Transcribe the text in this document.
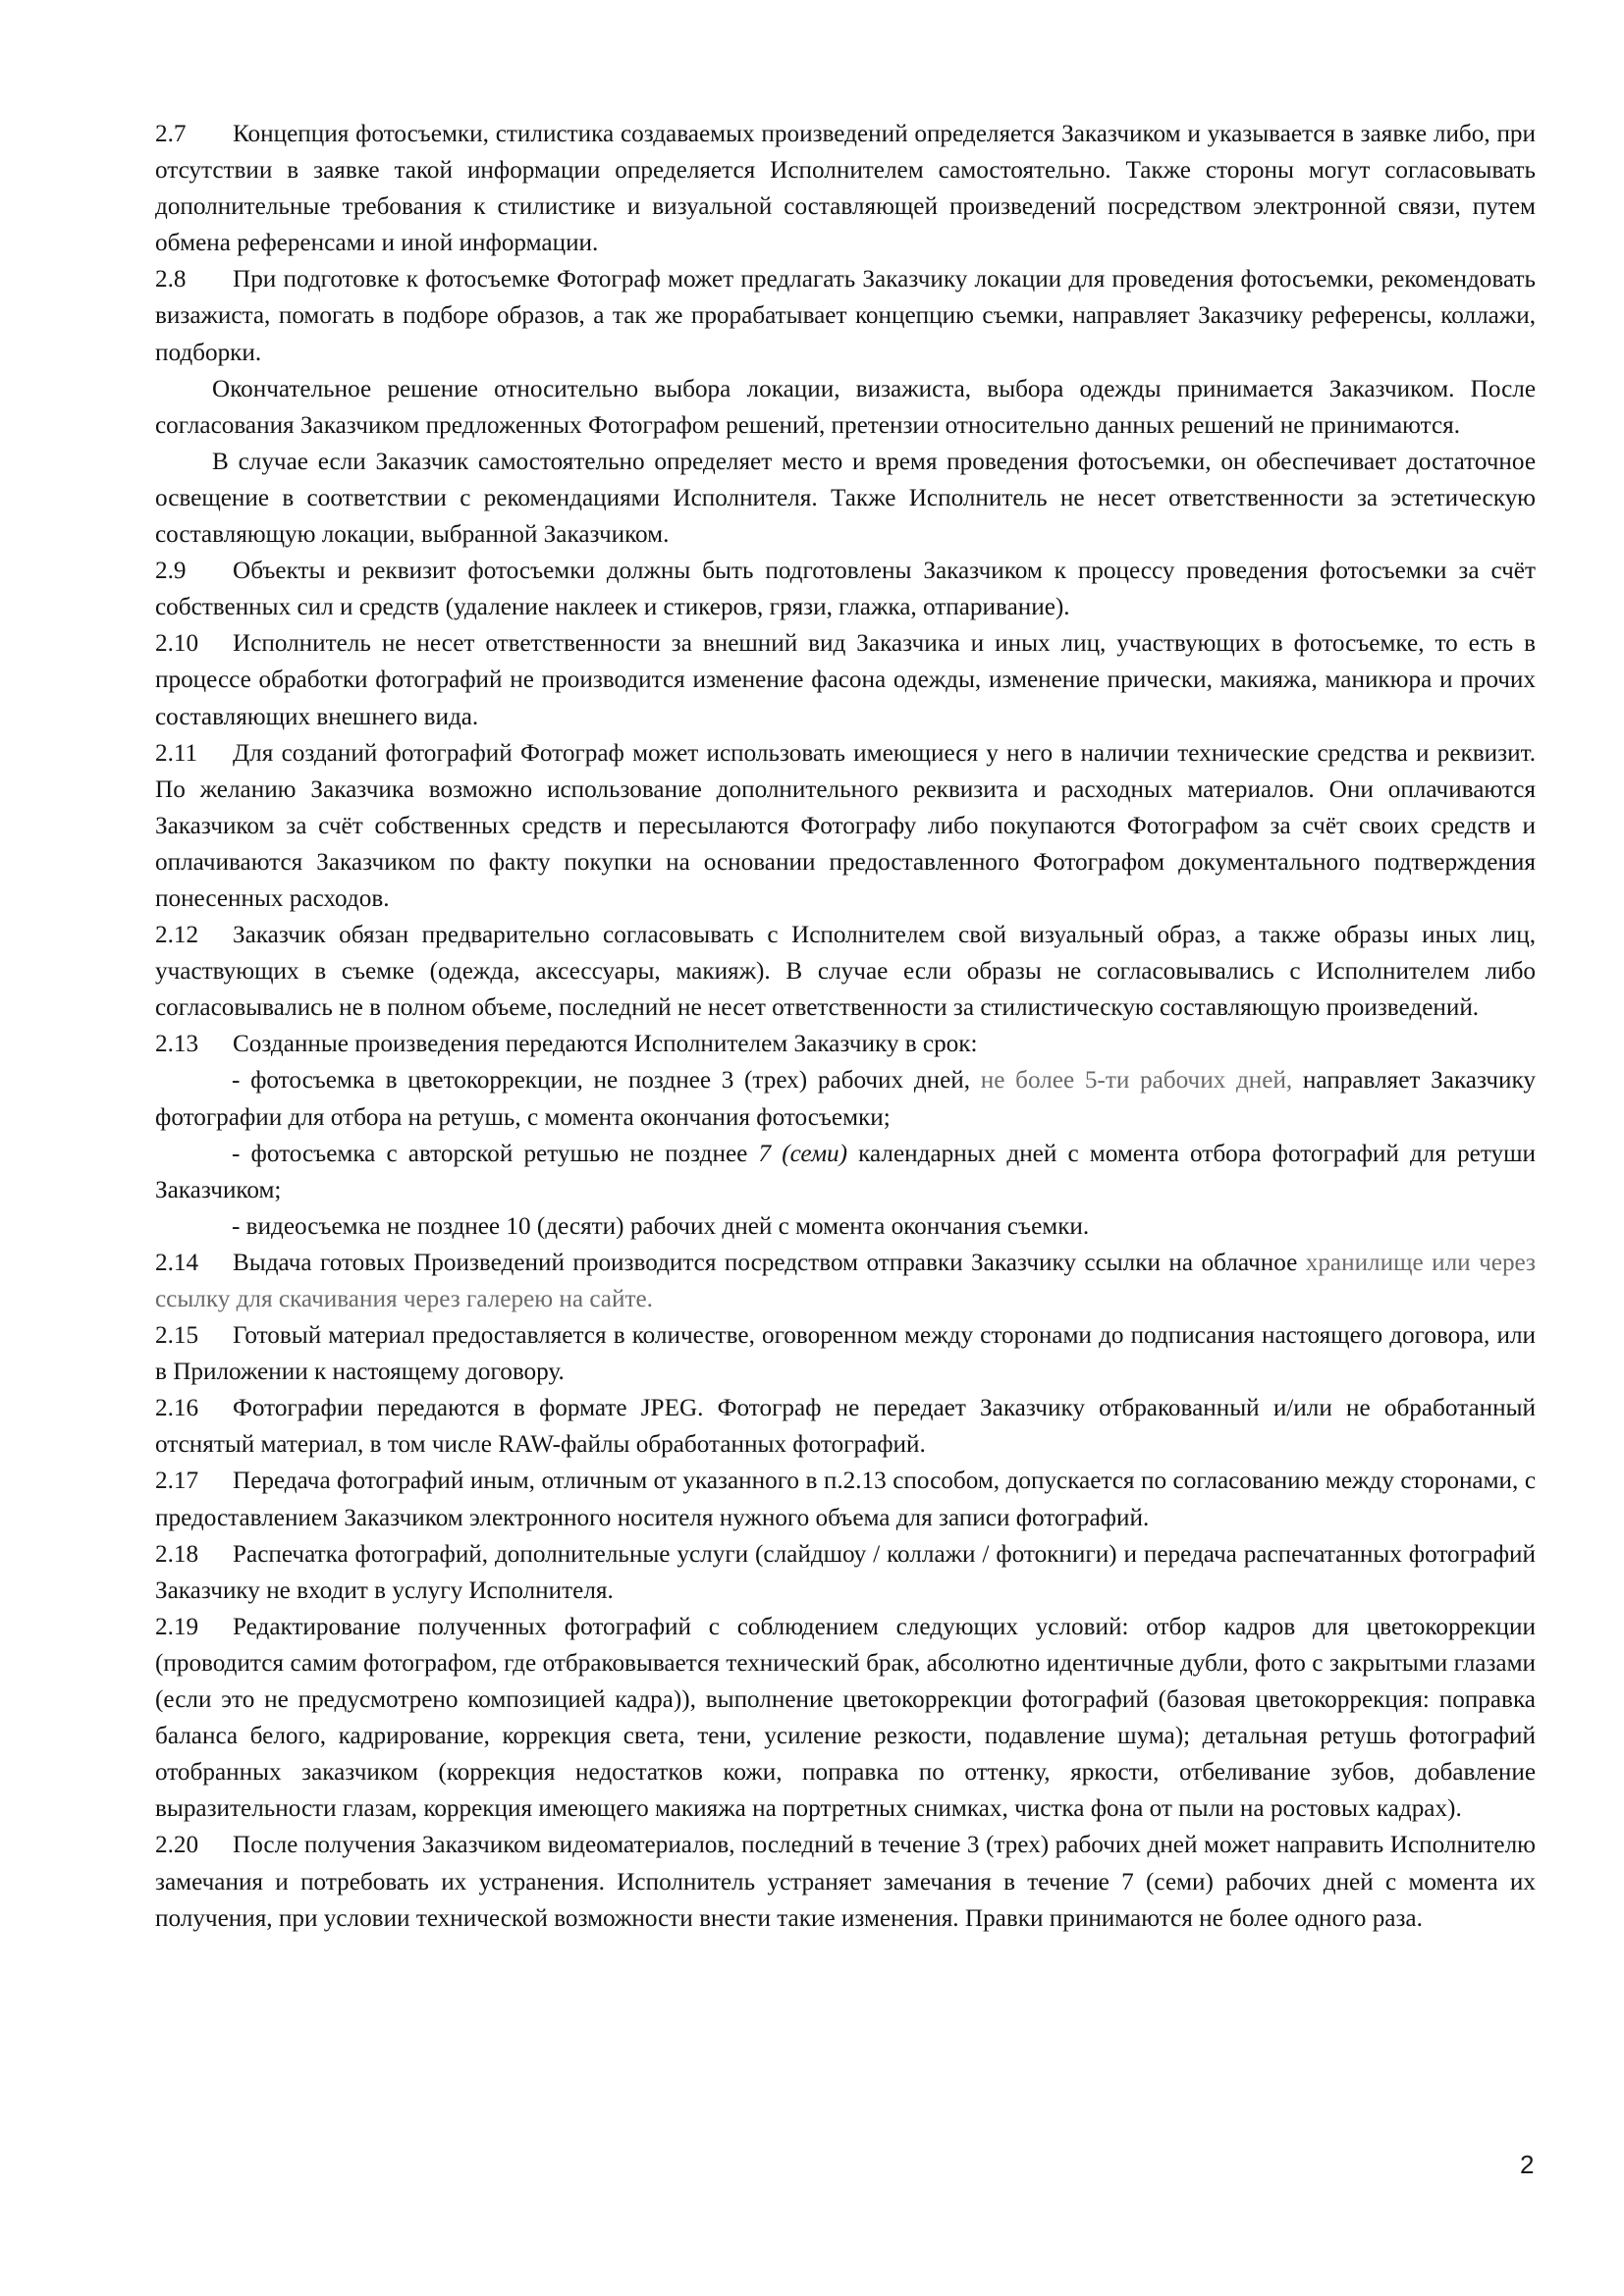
2.7 Концепция фотосъемки, стилистика создаваемых произведений определяется Заказчиком и указывается в заявке либо, при отсутствии в заявке такой информации определяется Исполнителем самостоятельно. Также стороны могут согласовывать дополнительные требования к стилистике и визуальной составляющей произведений посредством электронной связи, путем обмена референсами и иной информации.

2.8 При подготовке к фотосъемке Фотограф может предлагать Заказчику локации для проведения фотосъемки, рекомендовать визажиста, помогать в подборе образов, а так же прорабатывает концепцию съемки, направляет Заказчику референсы, коллажи, подборки.

Окончательное решение относительно выбора локации, визажиста, выбора одежды принимается Заказчиком. После согласования Заказчиком предложенных Фотографом решений, претензии относительно данных решений не принимаются.

В случае если Заказчик самостоятельно определяет место и время проведения фотосъемки, он обеспечивает достаточное освещение в соответствии с рекомендациями Исполнителя. Также Исполнитель не несет ответственности за эстетическую составляющую локации, выбранной Заказчиком.

2.9 Объекты и реквизит фотосъемки должны быть подготовлены Заказчиком к процессу проведения фотосъемки за счёт собственных сил и средств (удаление наклеек и стикеров, грязи, глажка, отпаривание).

2.10 Исполнитель не несет ответственности за внешний вид Заказчика и иных лиц, участвующих в фотосъемке, то есть в процессе обработки фотографий не производится изменение фасона одежды, изменение прически, макияжа, маникюра и прочих составляющих внешнего вида.

2.11 Для созданий фотографий Фотограф может использовать имеющиеся у него в наличии технические средства и реквизит. По желанию Заказчика возможно использование дополнительного реквизита и расходных материалов. Они оплачиваются Заказчиком за счёт собственных средств и пересылаются Фотографу либо покупаются Фотографом за счёт своих средств и оплачиваются Заказчиком по факту покупки на основании предоставленного Фотографом документального подтверждения понесенных расходов.

2.12 Заказчик обязан предварительно согласовывать с Исполнителем свой визуальный образ, а также образы иных лиц, участвующих в съемке (одежда, аксессуары, макияж). В случае если образы не согласовывались с Исполнителем либо согласовывались не в полном объеме, последний не несет ответственности за стилистическую составляющую произведений.

2.13 Созданные произведения передаются Исполнителем Заказчику в срок:

- фотосъемка в цветокоррекции, не позднее 3 (трех) рабочих дней, не более 5-ти рабочих дней, направляет Заказчику фотографии для отбора на ретушь, с момента окончания фотосъемки;

- фотосъемка с авторской ретушью не позднее 7 (семи) календарных дней с момента отбора фотографий для ретуши Заказчиком;

- видеосъемка не позднее 10 (десяти) рабочих дней с момента окончания съемки.

2.14 Выдача готовых Произведений производится посредством отправки Заказчику ссылки на облачное хранилище или через ссылку для скачивания через галерею на сайте.

2.15 Готовый материал предоставляется в количестве, оговоренном между сторонами до подписания настоящего договора, или в Приложении к настоящему договору.

2.16 Фотографии передаются в формате JPEG. Фотограф не передает Заказчику отбракованный и/или не обработанный отснятый материал, в том числе RAW-файлы обработанных фотографий.

2.17 Передача фотографий иным, отличным от указанного в п.2.13 способом, допускается по согласованию между сторонами, с предоставлением Заказчиком электронного носителя нужного объема для записи фотографий.

2.18 Распечатка фотографий, дополнительные услуги (слайдшоу / коллажи / фотокниги) и передача распечатанных фотографий Заказчику не входит в услугу Исполнителя.

2.19 Редактирование полученных фотографий с соблюдением следующих условий: отбор кадров для цветокоррекции (проводится самим фотографом, где отбраковывается технический брак, абсолютно идентичные дубли, фото с закрытыми глазами (если это не предусмотрено композицией кадра)), выполнение цветокоррекции фотографий (базовая цветокоррекция: поправка баланса белого, кадрирование, коррекция света, тени, усиление резкости, подавление шума); детальная ретушь фотографий отобранных заказчиком (коррекция недостатков кожи, поправка по оттенку, яркости, отбеливание зубов, добавление выразительности глазам, коррекция имеющего макияжа на портретных снимках, чистка фона от пыли на ростовых кадрах).

2.20 После получения Заказчиком видеоматериалов, последний в течение 3 (трех) рабочих дней может направить Исполнителю замечания и потребовать их устранения. Исполнитель устраняет замечания в течение 7 (семи) рабочих дней с момента их получения, при условии технической возможности внести такие изменения. Правки принимаются не более одного раза.

2
